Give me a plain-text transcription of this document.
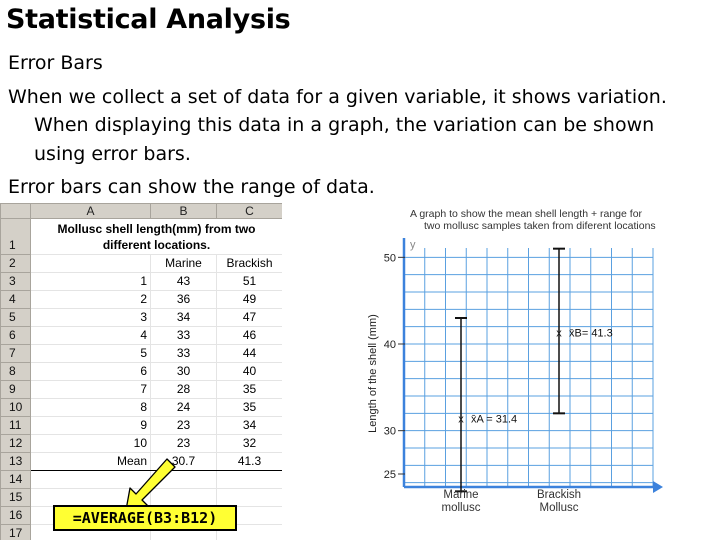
Statistical Analysis

Error Bars

When we collect a set of data for a given variable, it shows variation.

When displaying this data in a graph, the variation can be shown

using error bars.

Error bars can show the range of data.

	A	B	C
1	Mollusc shell length(mm) from two different locations.		
2		Marine	Brackish
3	1	43	51
4	2	36	49
5	3	34	47
6	4	33	46
7	5	33	44
8	6	30	40
9	7	28	35
10	8	24	35
11	9	23	34
12	10	23	32
13	Mean	30.7	41.3
14			
15			
16			
17			
=AVERAGE(B3:B12)
A graph to show the mean shell length + range for
two mollusc samples taken from diferent locations
y
25
30
40
50
Length of the shell (mm)	x x̄A = 31.4
x x̄B= 41.3
Marine
mollusc
Brackish
Mollusc
